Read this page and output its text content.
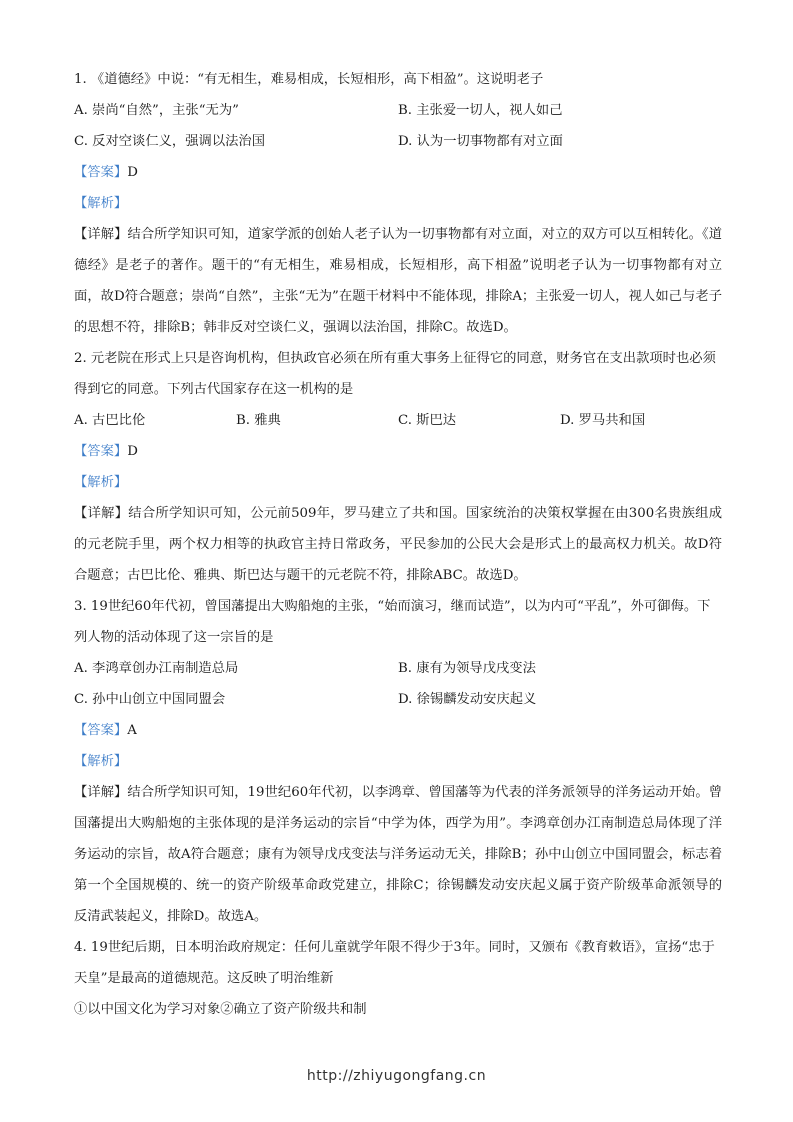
1. 《道德经》中说：“有无相生，难易相成，长短相形，高下相盈”。这说明老子
A. 崇尚“自然”，主张“无为”	B. 主张爱一切人，视人如己
C. 反对空谈仁义，强调以法治国	D. 认为一切事物都有对立面
【答案】D
【解析】
【详解】结合所学知识可知，道家学派的创始人老子认为一切事物都有对立面，对立的双方可以互相转化。《道德经》是老子的著作。题干的“有无相生，难易相成，长短相形，高下相盈”说明老子认为一切事物都有对立面，故D符合题意；崇尚“自然”，主张“无为”在题干材料中不能体现，排除A；主张爱一切人，视人如己与老子的思想不符，排除B；韩非反对空谈仁义，强调以法治国，排除C。故选D。
2. 元老院在形式上只是咨询机构，但执政官必须在所有重大事务上征得它的同意，财务官在支出款项时也必须得到它的同意。下列古代国家存在这一机构的是
A. 古巴比伦	B. 雅典	C. 斯巴达	D. 罗马共和国
【答案】D
【解析】
【详解】结合所学知识可知，公元前509年，罗马建立了共和国。国家统治的决策权掌握在由300名贵族组成的元老院手里，两个权力相等的执政官主持日常政务，平民参加的公民大会是形式上的最高权力机关。故D符合题意；古巴比伦、雅典、斯巴达与题干的元老院不符，排除ABC。故选D。
3. 19世纪60年代初，曾国藩提出大购船炮的主张，“始而演习，继而试造”，以为内可“平乱”，外可御侮。下列人物的活动体现了这一宗旨的是
A. 李鸿章创办江南制造总局	B. 康有为领导戊戌变法
C. 孙中山创立中国同盟会	D. 徐锡麟发动安庆起义
【答案】A
【解析】
【详解】结合所学知识可知，19世纪60年代初，以李鸿章、曾国藩等为代表的洋务派领导的洋务运动开始。曾国藩提出大购船炮的主张体现的是洋务运动的宗旨“中学为体，西学为用”。李鸿章创办江南制造总局体现了洋务运动的宗旨，故A符合题意；康有为领导戊戌变法与洋务运动无关，排除B；孙中山创立中国同盟会，标志着第一个全国规模的、统一的资产阶级革命政党建立，排除C；徐锡麟发动安庆起义属于资产阶级革命派领导的反清武装起义，排除D。故选A。
4. 19世纪后期，日本明治政府规定：任何儿童就学年限不得少于3年。同时，又颁布《教育敕语》，宣扬“忠于天皇”是最高的道德规范。这反映了明治维新
①以中国文化为学习对象②确立了资产阶级共和制
http://zhiyugongfang.cn
